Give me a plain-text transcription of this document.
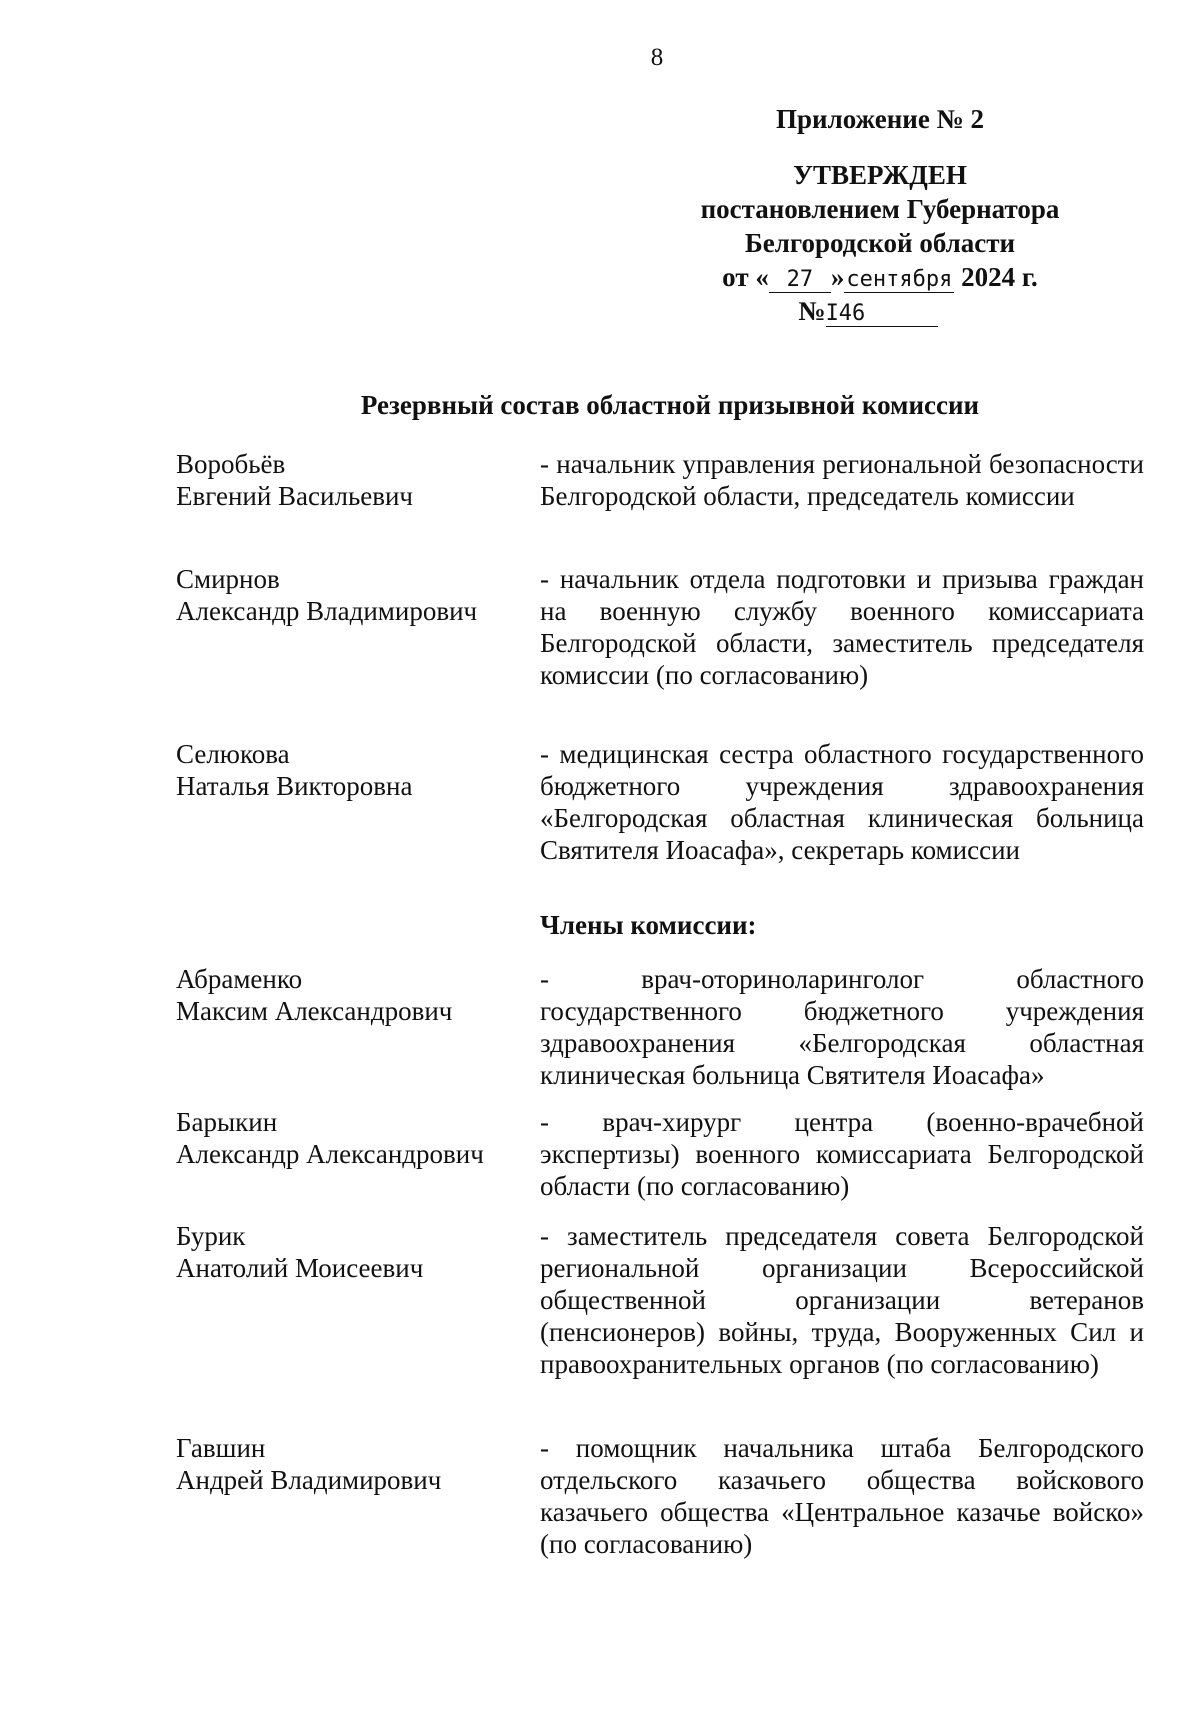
8
Приложение № 2
УТВЕРЖДЕН
постановлением Губернатора
Белгородской области
от « 27 »сентября 2024 г.
№I46
Резервный состав областной призывной комиссии
Воробьёв
Евгений Васильевич
- начальник управления региональной безопасности Белгородской области, председатель комиссии
Смирнов
Александр Владимирович
- начальник отдела подготовки и призыва граждан на военную службу военного комиссариата Белгородской области, заместитель председателя комиссии (по согласованию)
Селюкова
Наталья Викторовна
- медицинская сестра областного государственного бюджетного учреждения здравоохранения «Белгородская областная клиническая больница Святителя Иоасафа», секретарь комиссии
Члены комиссии:
Абраменко
Максим Александрович
- врач-оториноларинголог областного государственного бюджетного учреждения здравоохранения «Белгородская областная клиническая больница Святителя Иоасафа»
Барыкин
Александр Александрович
- врач-хирург центра (военно-врачебной экспертизы) военного комиссариата Белгородской области (по согласованию)
Бурик
Анатолий Моисеевич
- заместитель председателя совета Белгородской региональной организации Всероссийской общественной организации ветеранов (пенсионеров) войны, труда, Вооруженных Сил и правоохранительных органов (по согласованию)
Гавшин
Андрей Владимирович
- помощник начальника штаба Белгородского отдельского казачьего общества войскового казачьего общества «Центральное казачье войско» (по согласованию)
